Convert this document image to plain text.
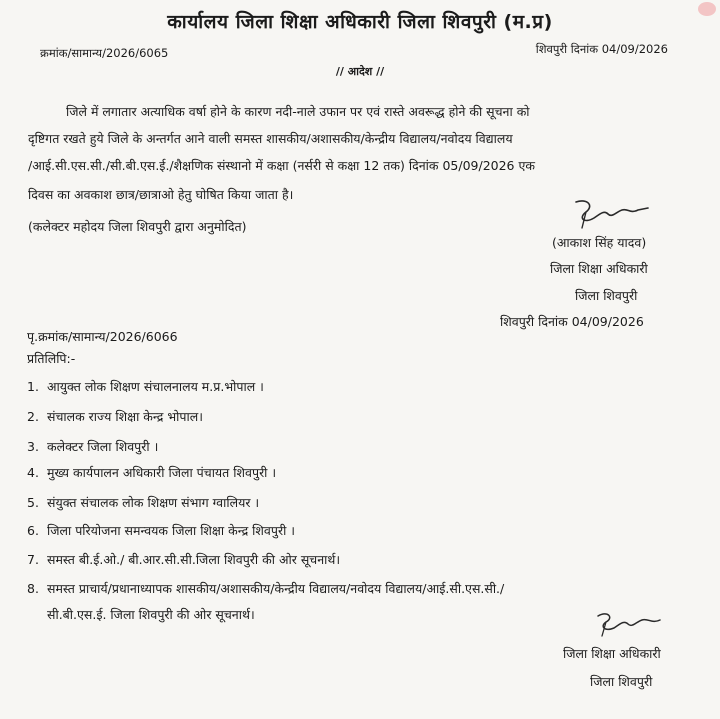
कार्यालय जिला शिक्षा अधिकारी जिला शिवपुरी (म.प्र)
क्रमांक/सामान्य/2026/6065	शिवपुरी दिनांक 04/09/2026
// आदेश //
जिले में लगातार अत्याधिक वर्षा होने के कारण नदी-नाले उफान पर एवं रास्ते अवरूद्ध होने की सूचना को
दृष्टिगत रखते हुये जिले के अन्तर्गत आने वाली समस्त शासकीय/अशासकीय/केन्द्रीय विद्यालय/नवोदय विद्यालय
/आई.सी.एस.सी./सी.बी.एस.ई./शैक्षणिक संस्थानो में कक्षा (नर्सरी से कक्षा 12 तक) दिनांक 05/09/2026 एक
दिवस का अवकाश छात्र/छात्राओ हेतु घोषित किया जाता है।
(कलेक्टर महोदय जिला शिवपुरी द्वारा अनुमोदित)
(आकाश सिंह यादव)
जिला शिक्षा अधिकारी
जिला शिवपुरी
शिवपुरी दिनांक 04/09/2026
पृ.क्रमांक/सामान्य/2026/6066
प्रतिलिपि:-
1. आयुक्त लोक शिक्षण संचालनालय म.प्र.भोपाल ।
2. संचालक राज्य शिक्षा केन्द्र भोपाल।
3. कलेक्टर जिला शिवपुरी ।
4. मुख्य कार्यपालन अधिकारी जिला पंचायत शिवपुरी ।
5. संयुक्त संचालक लोक शिक्षण संभाग ग्वालियर ।
6. जिला परियोजना समन्वयक जिला शिक्षा केन्द्र शिवपुरी ।
7. समस्त बी.ई.ओ./ बी.आर.सी.सी.जिला शिवपुरी की ओर सूचनार्थ।
8. समस्त प्राचार्य/प्रधानाध्यापक शासकीय/अशासकीय/केन्द्रीय विद्यालय/नवोदय विद्यालय/आई.सी.एस.सी./
सी.बी.एस.ई. जिला शिवपुरी की ओर सूचनार्थ।
जिला शिक्षा अधिकारी
जिला शिवपुरी
